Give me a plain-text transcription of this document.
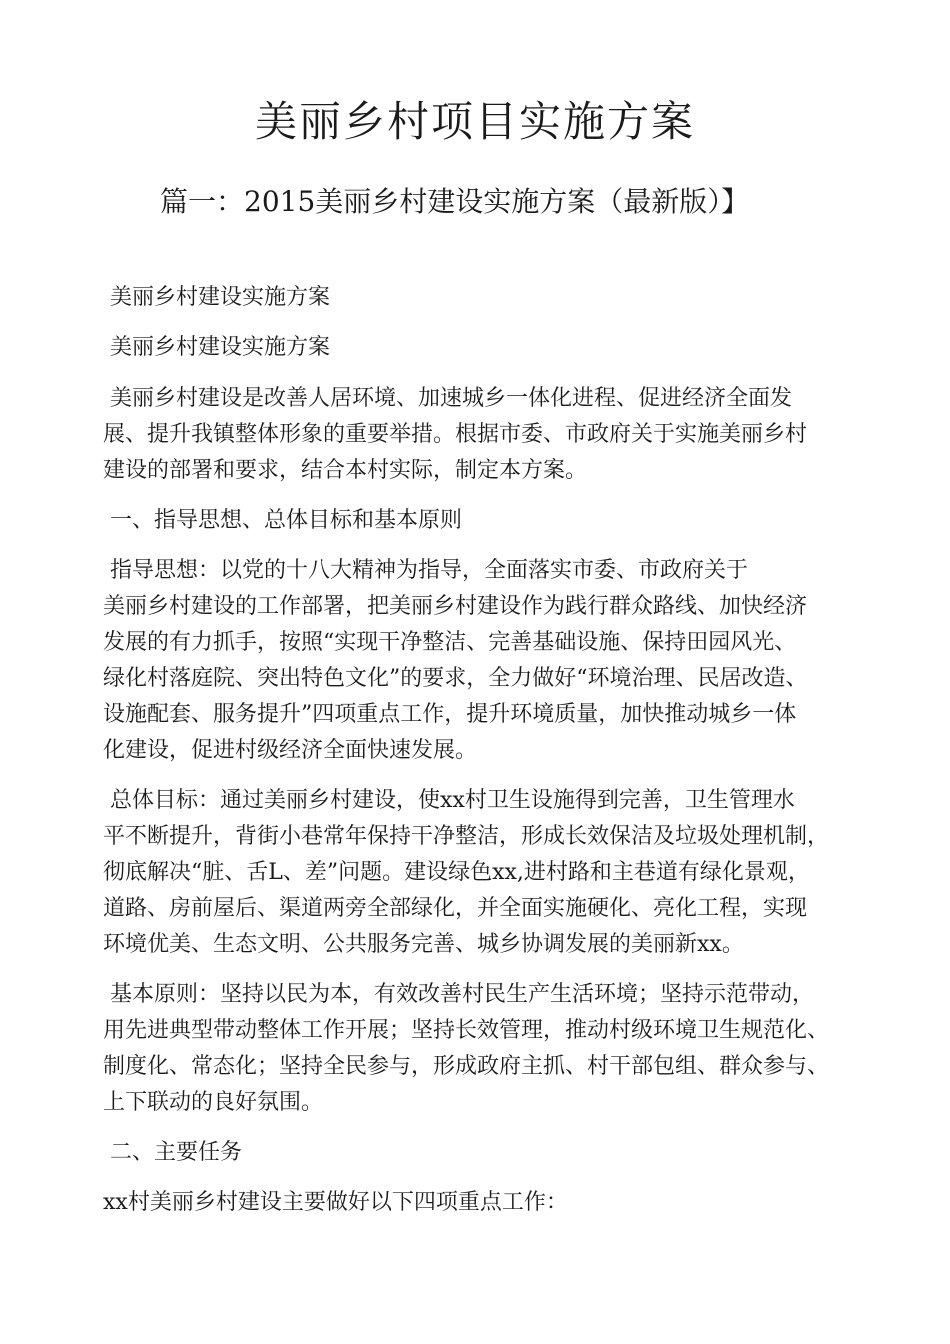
美丽乡村项目实施方案
篇一：2015美丽乡村建设实施方案（最新版）】
美丽乡村建设实施方案
美丽乡村建设实施方案
美丽乡村建设是改善人居环境、加速城乡一体化进程、促进经济全面发
展、提升我镇整体形象的重要举措。根据市委、市政府关于实施美丽乡村
建设的部署和要求，结合本村实际，制定本方案。
一、指导思想、总体目标和基本原则
指导思想：以党的十八大精神为指导，全面落实市委、市政府关于
美丽乡村建设的工作部署，把美丽乡村建设作为践行群众路线、加快经济
发展的有力抓手，按照“实现干净整洁、完善基础设施、保持田园风光、
绿化村落庭院、突出特色文化”的要求，全力做好“环境治理、民居改造、
设施配套、服务提升”四项重点工作，提升环境质量，加快推动城乡一体
化建设，促进村级经济全面快速发展。
总体目标：通过美丽乡村建设，使xx村卫生设施得到完善，卫生管理水
平不断提升，背街小巷常年保持干净整洁，形成长效保洁及垃圾处理机制，
彻底解决“脏、舌L、差”问题。建设绿色xx,进村路和主巷道有绿化景观，
道路、房前屋后、渠道两旁全部绿化，并全面实施硬化、亮化工程，实现
环境优美、生态文明、公共服务完善、城乡协调发展的美丽新xx。
基本原则：坚持以民为本，有效改善村民生产生活环境；坚持示范带动，
用先进典型带动整体工作开展；坚持长效管理，推动村级环境卫生规范化、
制度化、常态化；坚持全民参与，形成政府主抓、村干部包组、群众参与、
上下联动的良好氛围。
二、主要任务
xx村美丽乡村建设主要做好以下四项重点工作：
